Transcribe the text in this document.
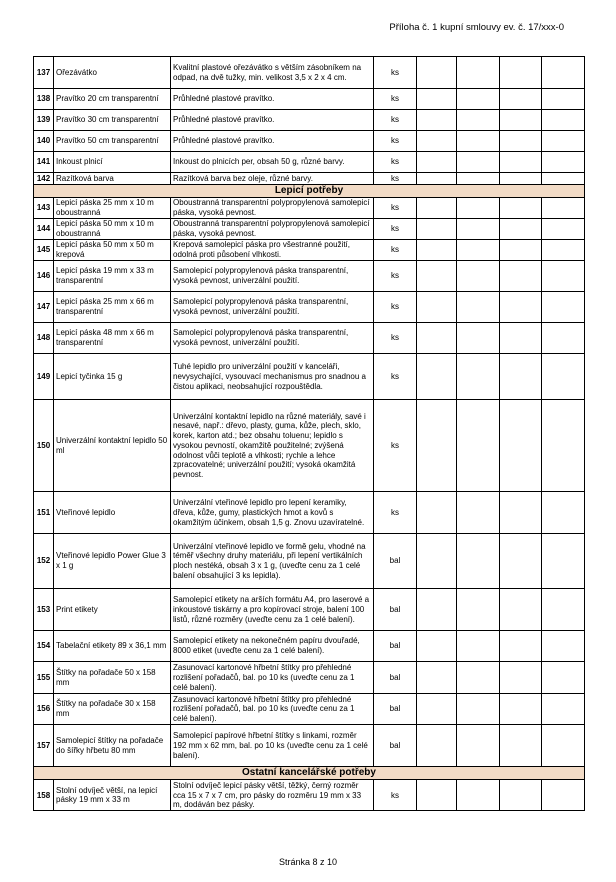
Příloha č. 1 kupní smlouvy ev. č. 17/xxx-0
137	Ořezávátko	Kvalitní plastové ořezávátko s větším zásobníkem na odpad, na dvě tužky, min. velikost 3,5 x 2 x 4 cm.	ks				
138	Pravítko 20 cm transparentní	Průhledné plastové pravítko.	ks				
139	Pravítko 30 cm transparentní	Průhledné plastové pravítko.	ks				
140	Pravítko 50 cm transparentní	Průhledné plastové pravítko.	ks				
141	Inkoust plnicí	Inkoust do plnicích per, obsah 50 g, různé barvy.	ks				
142	Razítková barva	Razítková barva bez oleje, různé barvy.	ks				
Lepicí potřeby							
143	Lepicí páska 25 mm x 10 m oboustranná	Oboustranná transparentní polypropylenová samolepicí páska, vysoká pevnost.	ks				
144	Lepicí páska 50 mm x 10 m oboustranná	Oboustranná transparentní polypropylenová samolepicí páska, vysoká pevnost.	ks				
145	Lepicí páska 50 mm x 50 m krepová	Krepová samolepicí páska pro všestranné použití, odolná proti působení vlhkosti.	ks				
146	Lepicí páska 19 mm x 33 m transparentní	Samolepicí polypropylenová páska transparentní, vysoká pevnost, univerzální použití.	ks				
147	Lepicí páska 25 mm x 66 m transparentní	Samolepicí polypropylenová páska transparentní, vysoká pevnost, univerzální použití.	ks				
148	Lepicí páska 48 mm x 66 m transparentní	Samolepicí polypropylenová páska transparentní, vysoká pevnost, univerzální použití.	ks				
149	Lepicí tyčinka 15 g	Tuhé lepidlo pro univerzální použití v kanceláři, nevysychající, vysouvací mechanismus pro snadnou a čistou aplikaci, neobsahující rozpouštědla.	ks				
150	Univerzální kontaktní lepidlo 50 ml	Univerzální kontaktní lepidlo na různé materiály, savé i nesavé, např.: dřevo, plasty, guma, kůže, plech, sklo, korek, karton atd.; bez obsahu toluenu; lepidlo s vysokou pevností, okamžitě použitelné; zvýšená odolnost vůči teplotě a vlhkosti; rychle a lehce zpracovatelné; univerzální použití; vysoká okamžitá pevnost.	ks				
151	Vteřinové lepidlo	Univerzální vteřinové lepidlo pro lepení keramiky, dřeva, kůže, gumy, plastických hmot a kovů s okamžitým účinkem, obsah 1,5 g. Znovu uzavíratelné.	ks				
152	Vteřinové lepidlo Power Glue 3 x 1 g	Univerzální vteřinové lepidlo ve formě gelu, vhodné na téměř všechny druhy materiálu, při lepení vertikálních ploch nestéká, obsah 3 x 1 g, (uveďte cenu za 1 celé balení obsahující 3 ks lepidla).	bal				
153	Print etikety	Samolepicí etikety na arších formátu A4, pro laserové a inkoustové tiskárny a pro kopírovací stroje, balení 100 listů, různé rozměry (uveďte cenu za 1 celé balení).	bal				
154	Tabelační etikety 89 x 36,1 mm	Samolepicí etikety na nekonečném papíru dvouřadé, 8000 etiket (uveďte cenu za 1 celé balení).	bal				
155	Štítky na pořadače 50 x 158 mm	Zasunovací kartonové hřbetní štítky pro přehledné rozlišení pořadačů, bal. po 10 ks (uveďte cenu za 1 celé balení).	bal				
156	Štítky na pořadače 30 x 158 mm	Zasunovací kartonové hřbetní štítky pro přehledné rozlišení pořadačů, bal. po 10 ks (uveďte cenu za 1 celé balení).	bal				
157	Samolepicí štítky na pořadače do šířky hřbetu 80 mm	Samolepicí papírové hřbetní štítky s linkami, rozměr 192 mm x 62 mm, bal. po 10 ks (uveďte cenu za 1 celé balení).	bal				
Ostatní kancelářské potřeby							
158	Stolní odvíječ větší, na lepicí pásky 19 mm x 33 m	Stolní odvíječ lepicí pásky větší, těžký, černý rozměr cca 15 x 7 x 7 cm, pro pásky do rozměru 19 mm x 33 m, dodáván bez pásky.	ks				
Stránka 8 z 10
